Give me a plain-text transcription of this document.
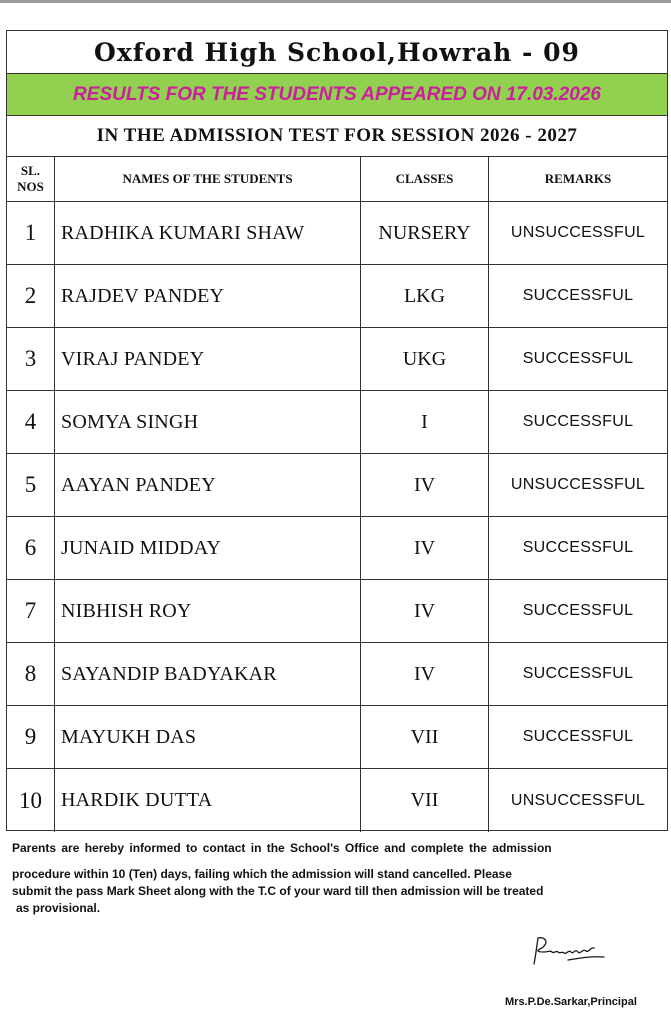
Oxford High School,Howrah - 09
RESULTS FOR THE STUDENTS APPEARED ON 17.03.2026
IN THE ADMISSION TEST FOR SESSION 2026 - 2027
SL.
NOS
NAMES OF THE STUDENTS	CLASSES	REMARKS
1	RADHIKA KUMARI SHAW	NURSERY	UNSUCCESSFUL
2	RAJDEV PANDEY	LKG	SUCCESSFUL
3	VIRAJ PANDEY	UKG	SUCCESSFUL
4	SOMYA SINGH	I	SUCCESSFUL
5	AAYAN PANDEY	IV	UNSUCCESSFUL
6	JUNAID MIDDAY	IV	SUCCESSFUL
7	NIBHISH ROY	IV	SUCCESSFUL
8	SAYANDIP BADYAKAR	IV	SUCCESSFUL
9	MAYUKH DAS	VII	SUCCESSFUL
10 HARDIK DUTTA	VII	UNSUCCESSFUL
Parents are hereby informed to contact in the School's Office and complete the admission
procedure within 10 (Ten) days, failing which the admission will stand cancelled. Please
submit the pass Mark Sheet along with the T.C of your ward till then admission will be treated
as provisional.
Mrs.P.De.Sarkar,Principal
